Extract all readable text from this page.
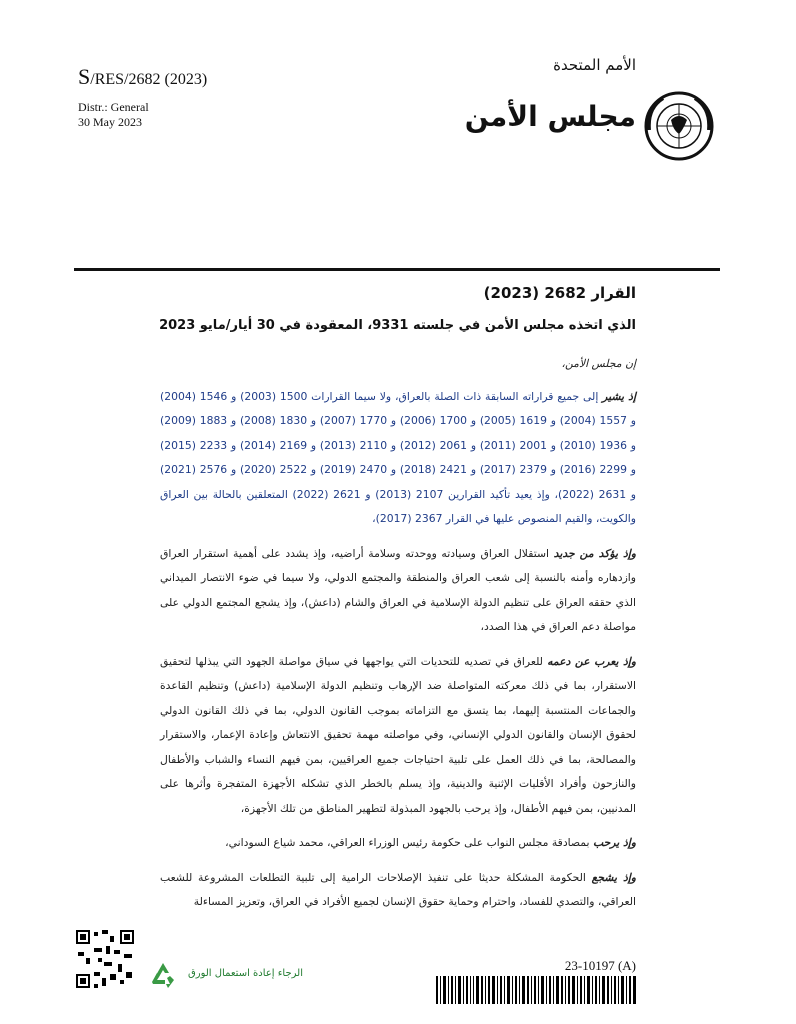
S/RES/2682 (2023)
الأمم المتحدة
Distr.: General
30 May 2023	مجلس الأمن
القرار 2682 (2023)
الذي اتخذه مجلس الأمن في جلسته 9331، المعقودة في 30 أيار/مايو 2023
إن مجلس الأمن،

إذ يشير إلى جميع قراراته السابقة ذات الصلة بالعراق، ولا سيما القرارات 1500 (2003) و 1546 (2004) و 1557 (2004) و 1619 (2005) و 1700 (2006) و 1770 (2007) و 1830 (2008) و 1883 (2009) و 1936 (2010) و 2001 (2011) و 2061 (2012) و 2110 (2013) و 2169 (2014) و 2233 (2015) و 2299 (2016) و 2379 (2017) و 2421 (2018) و 2470 (2019) و 2522 (2020) و 2576 (2021) و 2631 (2022)، وإذ يعيد تأكيد القرارين 2107 (2013) و 2621 (2022) المتعلقين بالحالة بين العراق والكويت، والقيم المنصوص عليها في القرار 2367 (2017)،

وإذ يؤكد من جديد استقلال العراق وسيادته ووحدته وسلامة أراضيه، وإذ يشدد على أهمية استقرار العراق وازدهاره وأمنه بالنسبة إلى شعب العراق والمنطقة والمجتمع الدولي، ولا سيما في ضوء الانتصار الميداني الذي حققه العراق على تنظيم الدولة الإسلامية في العراق والشام (داعش)، وإذ يشجع المجتمع الدولي على مواصلة دعم العراق في هذا الصدد،

وإذ يعرب عن دعمه للعراق في تصديه للتحديات التي يواجهها في سياق مواصلة الجهود التي يبذلها لتحقيق الاستقرار، بما في ذلك معركته المتواصلة ضد الإرهاب وتنظيم الدولة الإسلامية (داعش) وتنظيم القاعدة والجماعات المنتسبة إليهما، بما يتسق مع التزاماته بموجب القانون الدولي، بما في ذلك القانون الدولي لحقوق الإنسان والقانون الدولي الإنساني، وفي مواصلته مهمة تحقيق الانتعاش وإعادة الإعمار، والاستقرار والمصالحة، بما في ذلك العمل على تلبية احتياجات جميع العراقيين، بمن فيهم النساء والشباب والأطفال والنازحون وأفراد الأقليات الإثنية والدينية، وإذ يسلم بالخطر الذي تشكله الأجهزة المتفجرة وأثرها على المدنيين، بمن فيهم الأطفال، وإذ يرحب بالجهود المبذولة لتطهير المناطق من تلك الأجهزة،

وإذ يرحب بمصادقة مجلس النواب على حكومة رئيس الوزراء العراقي، محمد شياع السوداني،

وإذ يشجع الحكومة المشكلة حديثا على تنفيذ الإصلاحات الرامية إلى تلبية التطلعات المشروعة للشعب العراقي، والتصدي للفساد، واحترام وحماية حقوق الإنسان لجميع الأفراد في العراق، وتعزيز المساءلة

الرجاء إعادة استعمال الورق
23-10197 (A)
